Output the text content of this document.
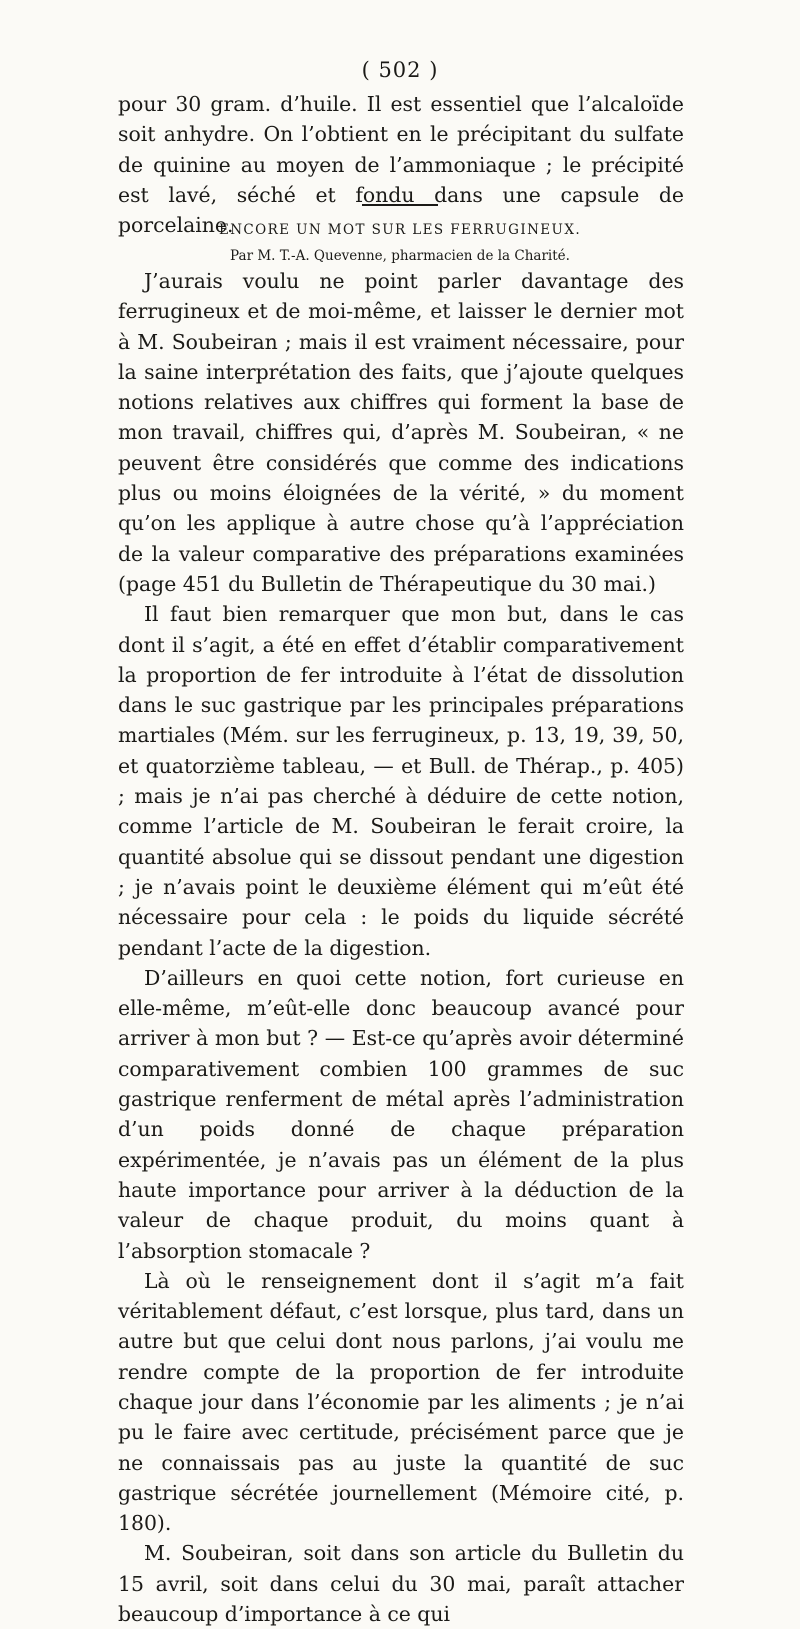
( 502 )

pour 30 gram. d’huile. Il est essentiel que l’alcaloïde soit anhydre. On l’obtient en le précipitant du sulfate de quinine au moyen de l’ammoniaque ; le précipité est lavé, séché et fondu dans une capsule de porcelaine.

ENCORE UN MOT SUR LES FERRUGINEUX.
Par M. T.-A. Quevenne, pharmacien de la Charité.

J’aurais voulu ne point parler davantage des ferrugineux et de moi-même, et laisser le dernier mot à M. Soubeiran ; mais il est vraiment nécessaire, pour la saine interprétation des faits, que j’ajoute quelques notions relatives aux chiffres qui forment la base de mon travail, chiffres qui, d’après M. Soubeiran, « ne peuvent être considérés que comme des indications plus ou moins éloignées de la vérité, » du moment qu’on les applique à autre chose qu’à l’appréciation de la valeur comparative des préparations examinées (page 451 du Bulletin de Thérapeutique du 30 mai.)

Il faut bien remarquer que mon but, dans le cas dont il s’agit, a été en effet d’établir comparativement la proportion de fer introduite à l’état de dissolution dans le suc gastrique par les principales préparations martiales (Mém. sur les ferrugineux, p. 13, 19, 39, 50, et quatorzième tableau, — et Bull. de Thérap., p. 405) ; mais je n’ai pas cherché à déduire de cette notion, comme l’article de M. Soubeiran le ferait croire, la quantité absolue qui se dissout pendant une digestion ; je n’avais point le deuxième élément qui m’eût été nécessaire pour cela : le poids du liquide sécrété pendant l’acte de la digestion.

D’ailleurs en quoi cette notion, fort curieuse en elle-même, m’eût-elle donc beaucoup avancé pour arriver à mon but ? — Est-ce qu’après avoir déterminé comparativement combien 100 grammes de suc gastrique renferment de métal après l’administration d’un poids donné de chaque préparation expérimentée, je n’avais pas un élément de la plus haute importance pour arriver à la déduction de la valeur de chaque produit, du moins quant à l’absorption stomacale ?

Là où le renseignement dont il s’agit m’a fait véritablement défaut, c’est lorsque, plus tard, dans un autre but que celui dont nous parlons, j’ai voulu me rendre compte de la proportion de fer introduite chaque jour dans l’économie par les aliments ; je n’ai pu le faire avec certitude, précisément parce que je ne connaissais pas au juste la quantité de suc gastrique sécrétée journellement (Mémoire cité, p. 180).

M. Soubeiran, soit dans son article du Bulletin du 15 avril, soit dans celui du 30 mai, paraît attacher beaucoup d’importance à ce qui
